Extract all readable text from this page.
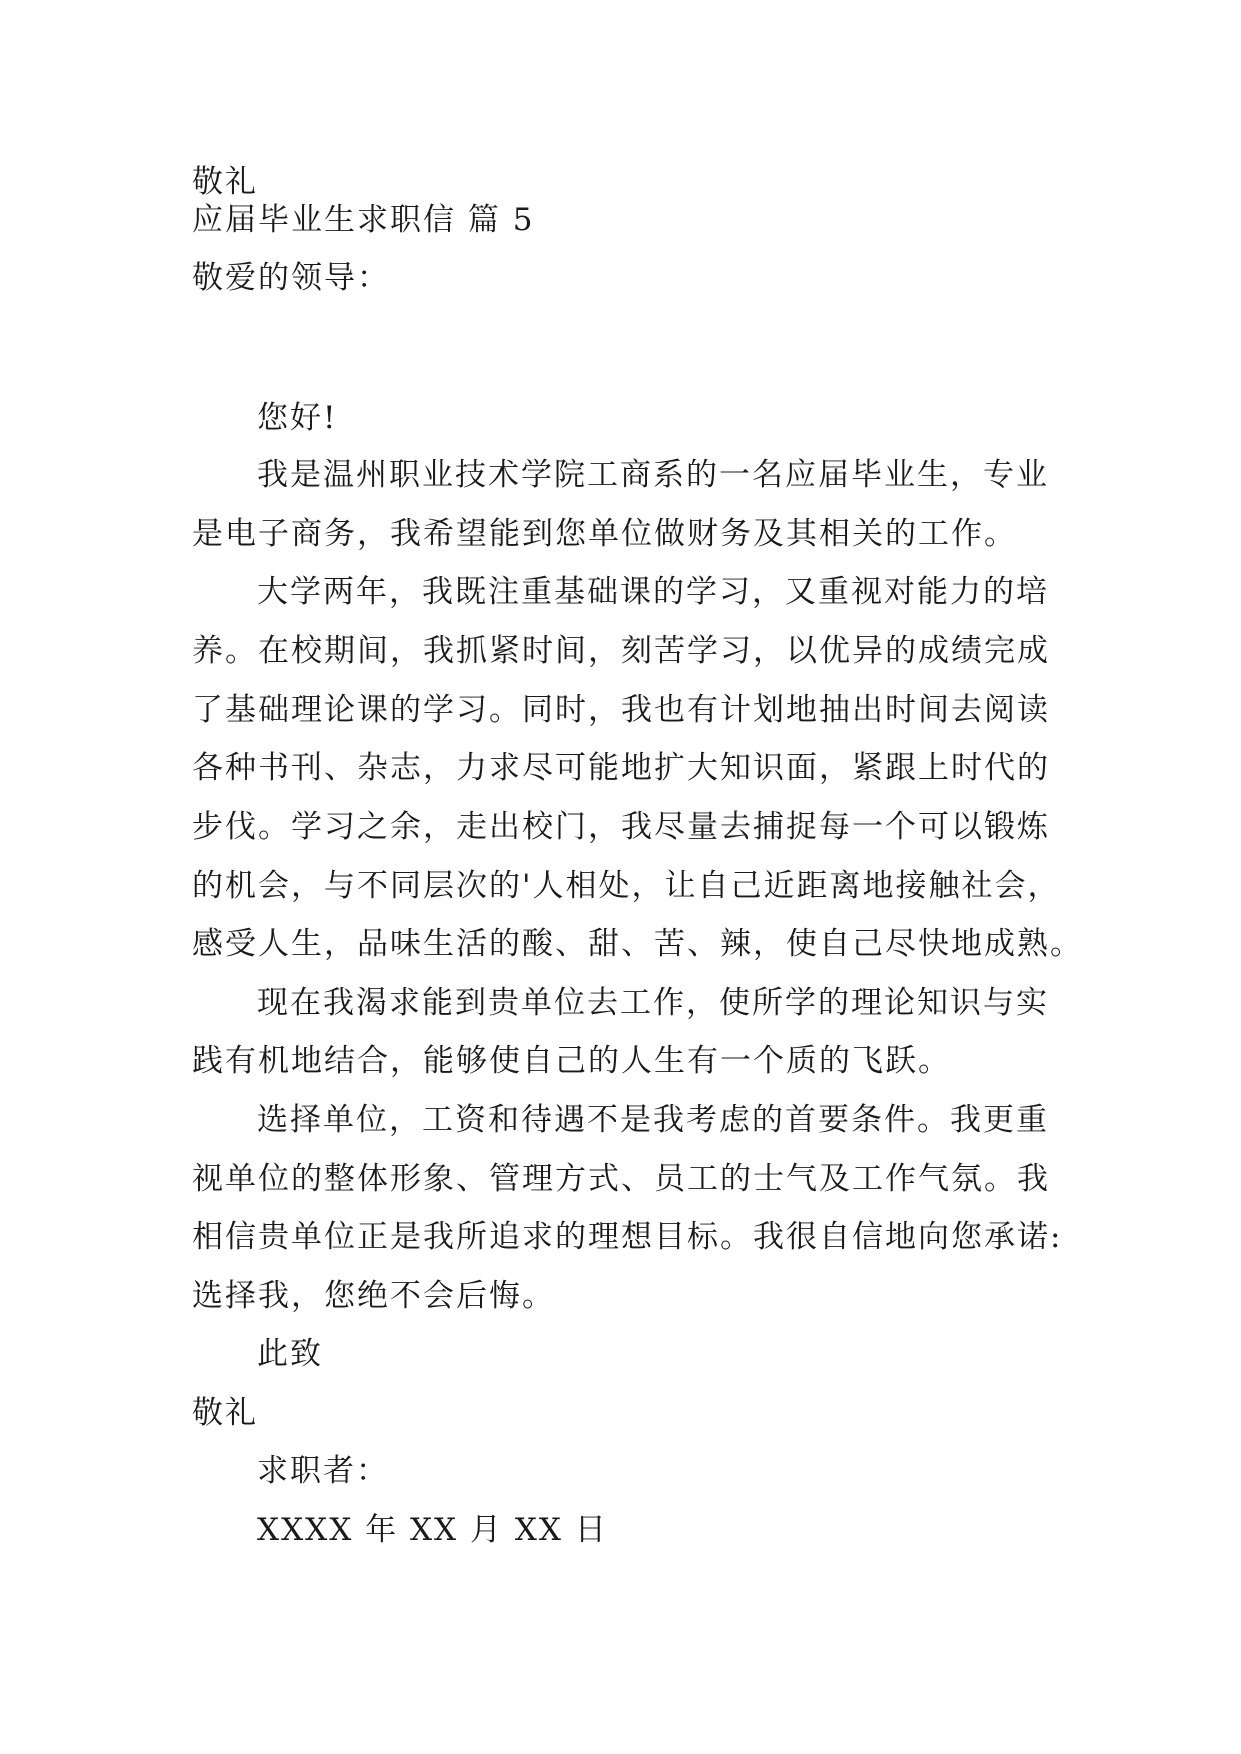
敬礼
应届毕业生求职信 篇 5
敬爱的领导：
您好!
我是温州职业技术学院工商系的一名应届毕业生，专业
是电子商务，我希望能到您单位做财务及其相关的工作。
大学两年，我既注重基础课的学习，又重视对能力的培
养。在校期间，我抓紧时间，刻苦学习，以优异的成绩完成
了基础理论课的学习。同时，我也有计划地抽出时间去阅读
各种书刊、杂志，力求尽可能地扩大知识面，紧跟上时代的
步伐。学习之余，走出校门，我尽量去捕捉每一个可以锻炼
的机会，与不同层次的'人相处，让自己近距离地接触社会，
感受人生，品味生活的酸、甜、苦、辣，使自己尽快地成熟。
现在我渴求能到贵单位去工作，使所学的理论知识与实
践有机地结合，能够使自己的人生有一个质的飞跃。
选择单位，工资和待遇不是我考虑的首要条件。我更重
视单位的整体形象、管理方式、员工的士气及工作气氛。我
相信贵单位正是我所追求的理想目标。我很自信地向您承诺:
选择我，您绝不会后悔。
此致
敬礼
求职者：
XXXX 年 XX 月 XX 日
